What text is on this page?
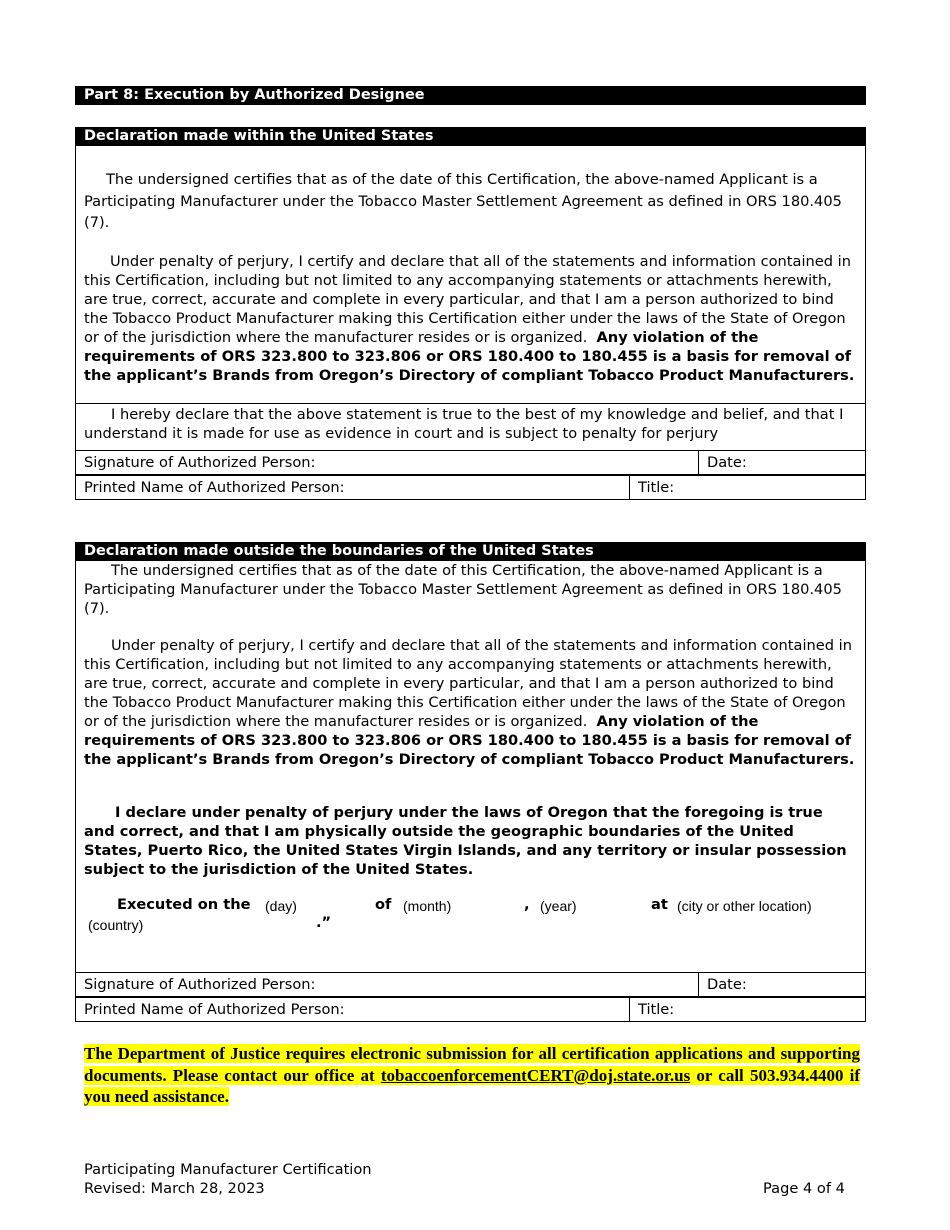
Part 8: Execution by Authorized Designee
Declaration made within the United States
The undersigned certifies that as of the date of this Certification, the above-named Applicant is a Participating Manufacturer under the Tobacco Master Settlement Agreement as defined in ORS 180.405 (7).
Under penalty of perjury, I certify and declare that all of the statements and information contained in this Certification, including but not limited to any accompanying statements or attachments herewith, are true, correct, accurate and complete in every particular, and that I am a person authorized to bind the Tobacco Product Manufacturer making this Certification either under the laws of the State of Oregon or of the jurisdiction where the manufacturer resides or is organized. Any violation of the requirements of ORS 323.800 to 323.806 or ORS 180.400 to 180.455 is a basis for removal of the applicant’s Brands from Oregon’s Directory of compliant Tobacco Product Manufacturers.
I hereby declare that the above statement is true to the best of my knowledge and belief, and that I understand it is made for use as evidence in court and is subject to penalty for perjury
Signature of Authorized Person:	Date:
Printed Name of Authorized Person:	Title:
Declaration made outside the boundaries of the United States
The undersigned certifies that as of the date of this Certification, the above-named Applicant is a Participating Manufacturer under the Tobacco Master Settlement Agreement as defined in ORS 180.405 (7).
Under penalty of perjury, I certify and declare that all of the statements and information contained in this Certification, including but not limited to any accompanying statements or attachments herewith, are true, correct, accurate and complete in every particular, and that I am a person authorized to bind the Tobacco Product Manufacturer making this Certification either under the laws of the State of Oregon or of the jurisdiction where the manufacturer resides or is organized. Any violation of the requirements of ORS 323.800 to 323.806 or ORS 180.400 to 180.455 is a basis for removal of the applicant’s Brands from Oregon’s Directory of compliant Tobacco Product Manufacturers.
I declare under penalty of perjury under the laws of Oregon that the foregoing is true and correct, and that I am physically outside the geographic boundaries of the United States, Puerto Rico, the United States Virgin Islands, and any territory or insular possession subject to the jurisdiction of the United States.
Executed on the (day)	of (month)	, (year)	at (city or other location)
(country)	.”
Signature of Authorized Person:	Date:
Printed Name of Authorized Person:	Title:
The Department of Justice requires electronic submission for all certification applications and supporting documents. Please contact our office at tobaccoenforcementCERT@doj.state.or.us or call 503.934.4400 if you need assistance.
Participating Manufacturer Certification
Revised: March 28, 2023	Page 4 of 4
